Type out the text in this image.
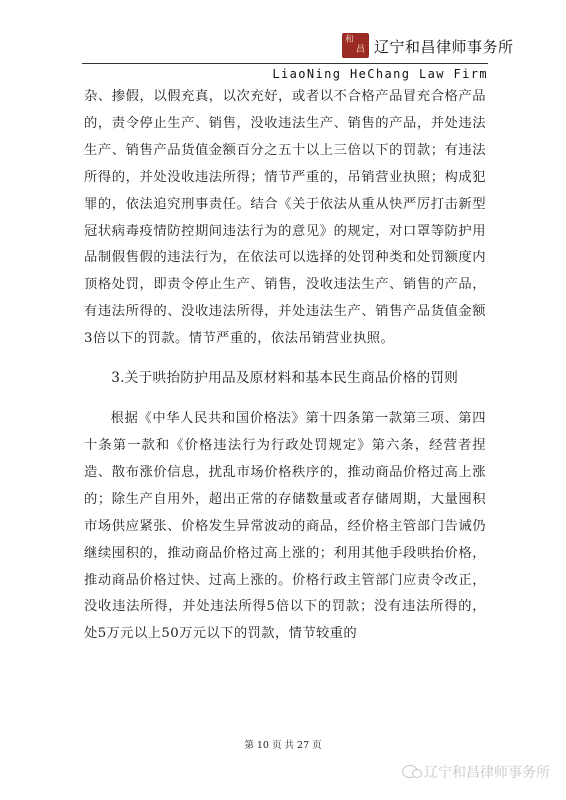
和
昌 辽宁和昌律师事务所
LiaoNing HeChang Law Firm

杂、掺假，以假充真，以次充好，或者以不合格产品冒充合格产品的，责令停止生产、销售，没收违法生产、销售的产品，并处违法生产、销售产品货值金额百分之五十以上三倍以下的罚款；有违法所得的，并处没收违法所得；情节严重的，吊销营业执照；构成犯罪的，依法追究刑事责任。结合《关于依法从重从快严厉打击新型冠状病毒疫情防控期间违法行为的意见》的规定，对口罩等防护用品制假售假的违法行为，在依法可以选择的处罚种类和处罚额度内顶格处罚，即责令停止生产、销售，没收违法生产、销售的产品，有违法所得的、没收违法所得，并处违法生产、销售产品货值金额3倍以下的罚款。情节严重的，依法吊销营业执照。

3.关于哄抬防护用品及原材料和基本民生商品价格的罚则

根据《中华人民共和国价格法》第十四条第一款第三项、第四十条第一款和《价格违法行为行政处罚规定》第六条，经营者捏造、散布涨价信息，扰乱市场价格秩序的，推动商品价格过高上涨的；除生产自用外，超出正常的存储数量或者存储周期，大量囤积市场供应紧张、价格发生异常波动的商品，经价格主管部门告诫仍继续囤积的，推动商品价格过高上涨的；利用其他手段哄抬价格，推动商品价格过快、过高上涨的。价格行政主管部门应责令改正，没收违法所得，并处违法所得5倍以下的罚款；没有违法所得的，处5万元以上50万元以下的罚款，情节较重的

第 10 页 共 27 页
辽宁和昌律师事务所
